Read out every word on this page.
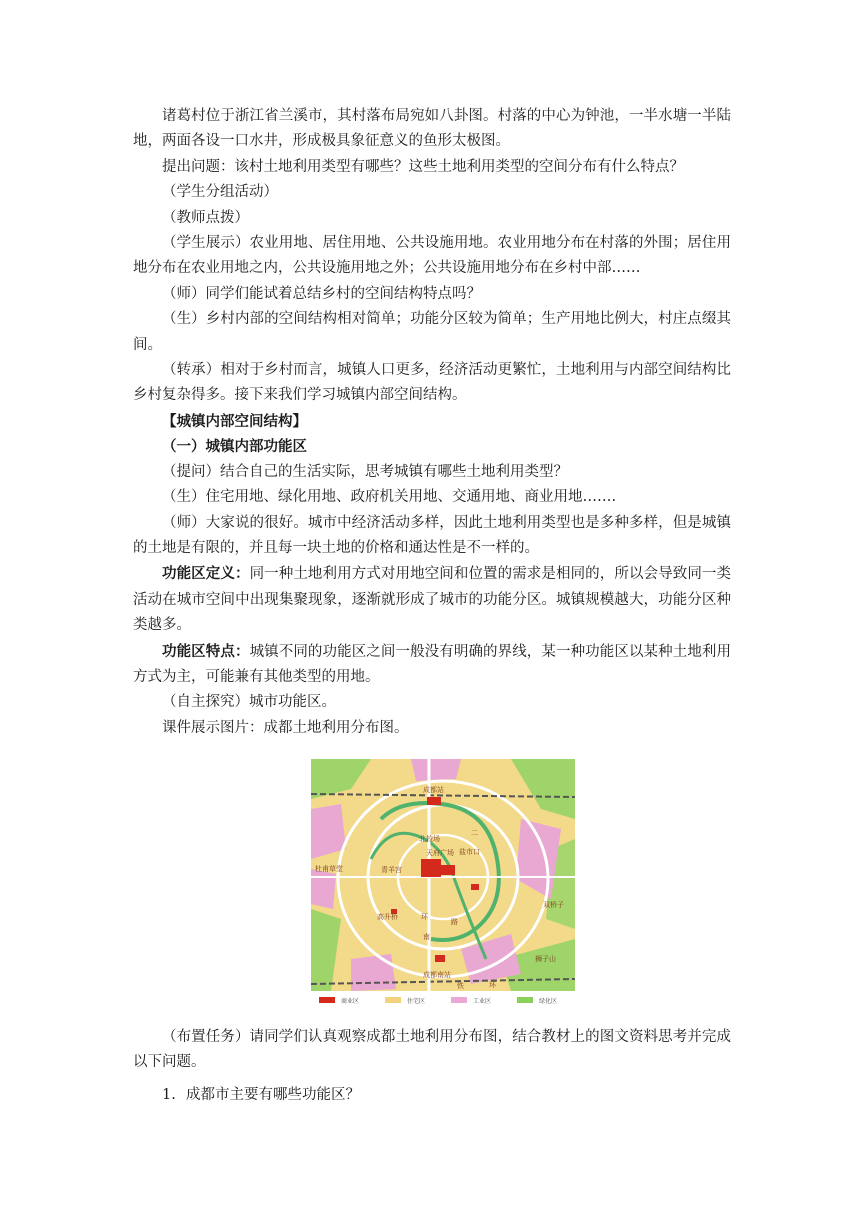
诸葛村位于浙江省兰溪市，其村落布局宛如八卦图。村落的中心为钟池，一半水塘一半陆地，两面各设一口水井，形成极具象征意义的鱼形太极图。

提出问题：该村土地利用类型有哪些？这些土地利用类型的空间分布有什么特点？

（学生分组活动）

（教师点拨）

（学生展示）农业用地、居住用地、公共设施用地。农业用地分布在村落的外围；居住用地分布在农业用地之内，公共设施用地之外；公共设施用地分布在乡村中部……

（师）同学们能试着总结乡村的空间结构特点吗？

（生）乡村内部的空间结构相对简单；功能分区较为简单；生产用地比例大，村庄点缀其间。

（转承）相对于乡村而言，城镇人口更多，经济活动更繁忙，土地利用与内部空间结构比乡村复杂得多。接下来我们学习城镇内部空间结构。

【城镇内部空间结构】

（一）城镇内部功能区

（提问）结合自己的生活实际，思考城镇有哪些土地利用类型？

（生）住宅用地、绿化用地、政府机关用地、交通用地、商业用地…….

（师）大家说的很好。城市中经济活动多样，因此土地利用类型也是多种多样，但是城镇的土地是有限的，并且每一块土地的价格和通达性是不一样的。

功能区定义：同一种土地利用方式对用地空间和位置的需求是相同的，所以会导致同一类活动在城市空间中出现集聚现象，逐渐就形成了城市的功能分区。城镇规模越大，功能分区种类越多。

功能区特点：城镇不同的功能区之间一般没有明确的界线，某一种功能区以某种土地利用方式为主，可能兼有其他类型的用地。

（自主探究）城市功能区。

课件展示图片：成都土地利用分布图。

成都站
北较场
天府广场 盐市口
青羊宫
杜甫草堂
高升桥
双桥子
狮子山
成都南站
环
路
南
二
铁	环
商业区	住宅区	工业区	绿化区

（布置任务）请同学们认真观察成都土地利用分布图，结合教材上的图文资料思考并完成以下问题。

1. 成都市主要有哪些功能区？
